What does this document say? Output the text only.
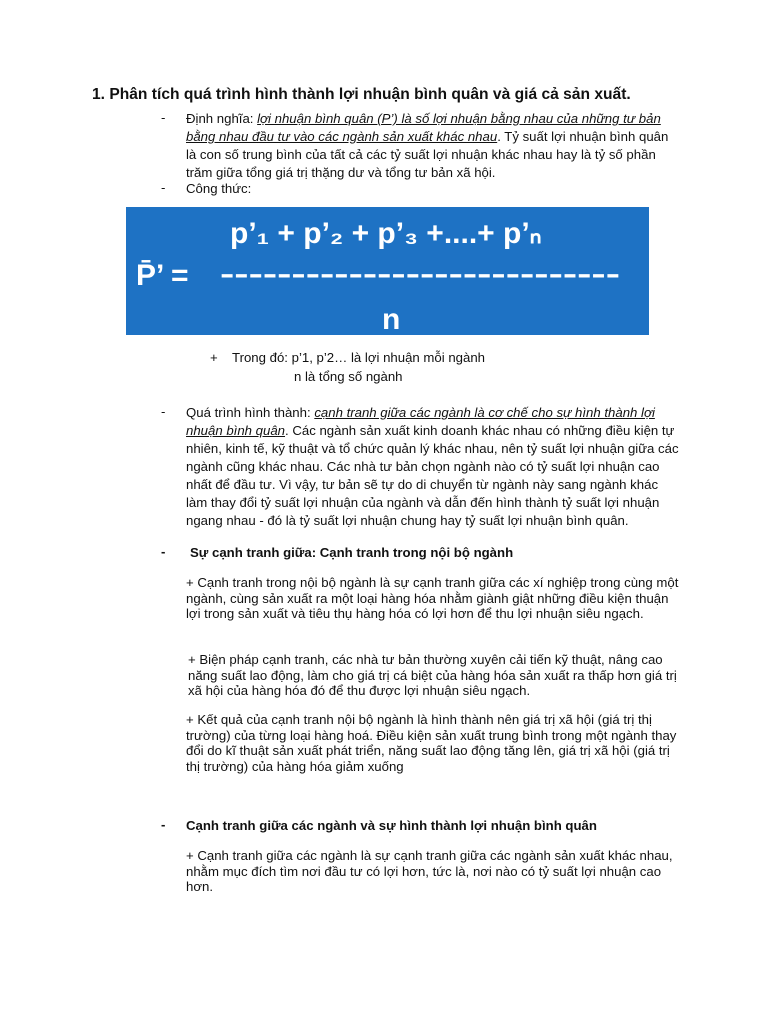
1. Phân tích quá trình hình thành lợi nhuận bình quân và giá cả sản xuất.
- Định nghĩa: lợi nhuận bình quân (P’) là số lợi nhuận bằng nhau của những tư bản bằng nhau đầu tư vào các ngành sản xuất khác nhau. Tỷ suất lợi nhuận bình quân là con số trung bình của tất cả các tỷ suất lợi nhuận khác nhau hay là tỷ số phần trăm giữa tổng giá trị thặng dư và tổng tư bản xã hội.
- Công thức:
p’₁ + p’₂ + p’₃ +....+ p’ₙ
P̄’ = ----------------------------
n
+ Trong đó: p’1, p’2… là lợi nhuận mỗi ngành
n là tổng số ngành
- Quá trình hình thành: cạnh tranh giữa các ngành là cơ chế cho sự hình thành lợi nhuận bình quân. Các ngành sản xuất kinh doanh khác nhau có những điều kiện tự nhiên, kinh tế, kỹ thuật và tổ chức quản lý khác nhau, nên tỷ suất lợi nhuận giữa các ngành cũng khác nhau. Các nhà tư bản chọn ngành nào có tỷ suất lợi nhuận cao nhất để đầu tư. Vì vậy, tư bản sẽ tự do di chuyển từ ngành này sang ngành khác làm thay đổi tỷ suất lợi nhuận của ngành và dẫn đến hình thành tỷ suất lợi nhuận ngang nhau - đó là tỷ suất lợi nhuận chung hay tỷ suất lợi nhuận bình quân.
- Sự cạnh tranh giữa: Cạnh tranh trong nội bộ ngành
+ Cạnh tranh trong nội bộ ngành là sự cạnh tranh giữa các xí nghiệp trong cùng một ngành, cùng sản xuất ra một loại hàng hóa nhằm giành giật những điều kiện thuận lợi trong sản xuất và tiêu thụ hàng hóa có lợi hơn để thu lợi nhuận siêu ngạch.
+ Biện pháp cạnh tranh, các nhà tư bản thường xuyên cải tiến kỹ thuật, nâng cao năng suất lao động, làm cho giá trị cá biệt của hàng hóa sản xuất ra thấp hơn giá trị xã hội của hàng hóa đó để thu được lợi nhuận siêu ngạch.
+ Kết quả của cạnh tranh nội bộ ngành là hình thành nên giá trị xã hội (giá trị thị trường) của từng loại hàng hoá. Điều kiện sản xuất trung bình trong một ngành thay đổi do kĩ thuật sản xuất phát triển, năng suất lao động tăng lên, giá trị xã hội (giá trị thị trường) của hàng hóa giảm xuống
- Cạnh tranh giữa các ngành và sự hình thành lợi nhuận bình quân
+ Cạnh tranh giữa các ngành là sự cạnh tranh giữa các ngành sản xuất khác nhau, nhằm mục đích tìm nơi đầu tư có lợi hơn, tức là, nơi nào có tỷ suất lợi nhuận cao hơn.
